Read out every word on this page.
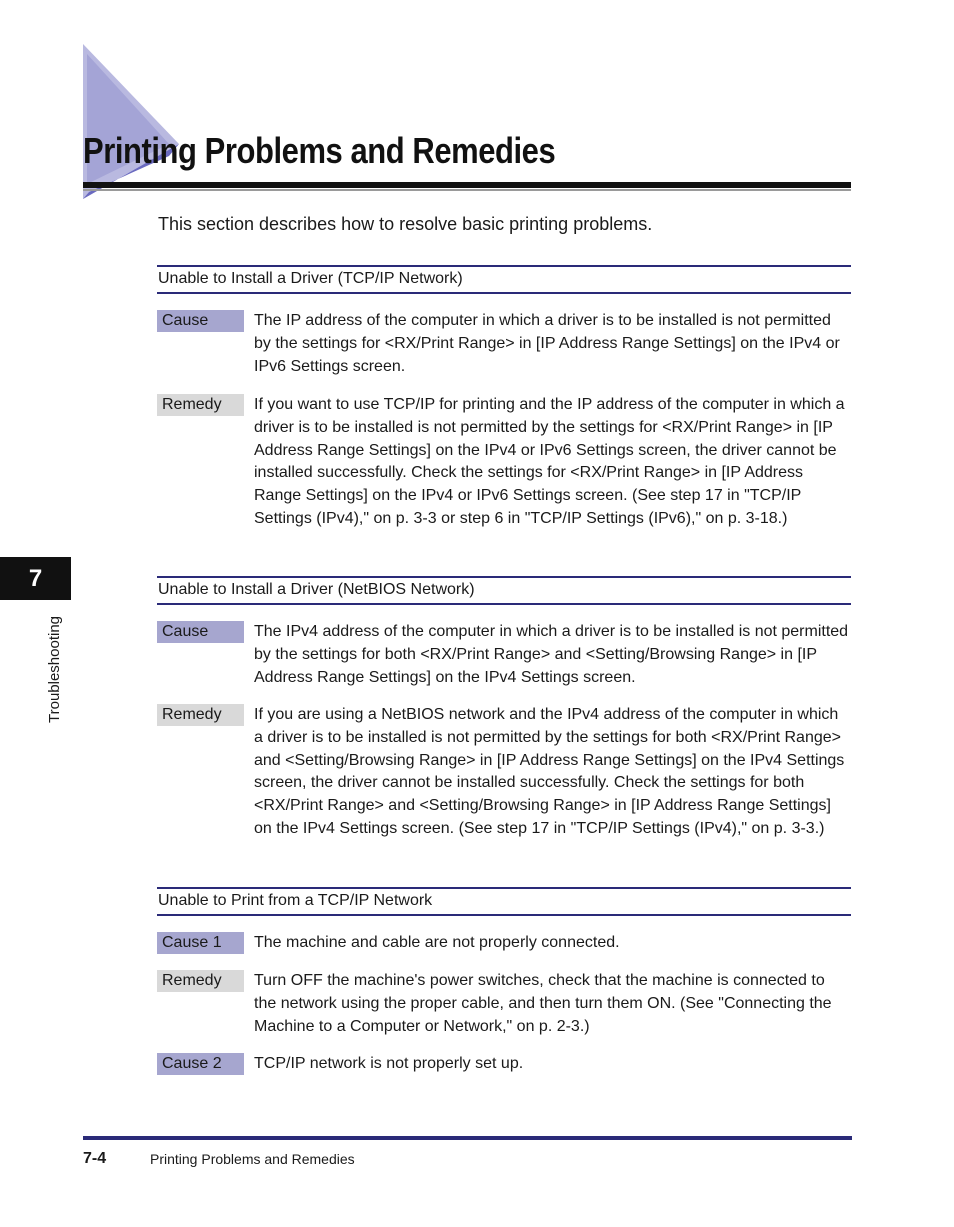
Printing Problems and Remedies

This section describes how to resolve basic printing problems.

Unable to Install a Driver (TCP/IP Network)
Cause	The IP address of the computer in which a driver is to be installed is not permitted by the settings for <RX/Print Range> in [IP Address Range Settings] on the IPv4 or IPv6 Settings screen.

Remedy	If you want to use TCP/IP for printing and the IP address of the computer in which a driver is to be installed is not permitted by the settings for <RX/Print Range> in [IP Address Range Settings] on the IPv4 or IPv6 Settings screen, the driver cannot be installed successfully. Check the settings for <RX/Print Range> in [IP Address Range Settings] on the IPv4 or IPv6 Settings screen. (See step 17 in "TCP/IP Settings (IPv4)," on p. 3-3 or step 6 in "TCP/IP Settings (IPv6)," on p. 3-18.)

Unable to Install a Driver (NetBIOS Network)
Cause	The IPv4 address of the computer in which a driver is to be installed is not permitted by the settings for both <RX/Print Range> and <Setting/Browsing Range> in [IP Address Range Settings] on the IPv4 Settings screen.

Remedy	If you are using a NetBIOS network and the IPv4 address of the computer in which a driver is to be installed is not permitted by the settings for both <RX/Print Range> and <Setting/Browsing Range> in [IP Address Range Settings] on the IPv4 Settings screen, the driver cannot be installed successfully. Check the settings for both <RX/Print Range> and <Setting/Browsing Range> in [IP Address Range Settings] on the IPv4 Settings screen. (See step 17 in "TCP/IP Settings (IPv4)," on p. 3-3.)

Unable to Print from a TCP/IP Network
Cause 1	The machine and cable are not properly connected.

Remedy	Turn OFF the machine's power switches, check that the machine is connected to the network using the proper cable, and then turn them ON. (See "Connecting the Machine to a Computer or Network," on p. 2-3.)

Cause 2	TCP/IP network is not properly set up.

7
Troubleshooting
7-4	Printing Problems and Remedies
